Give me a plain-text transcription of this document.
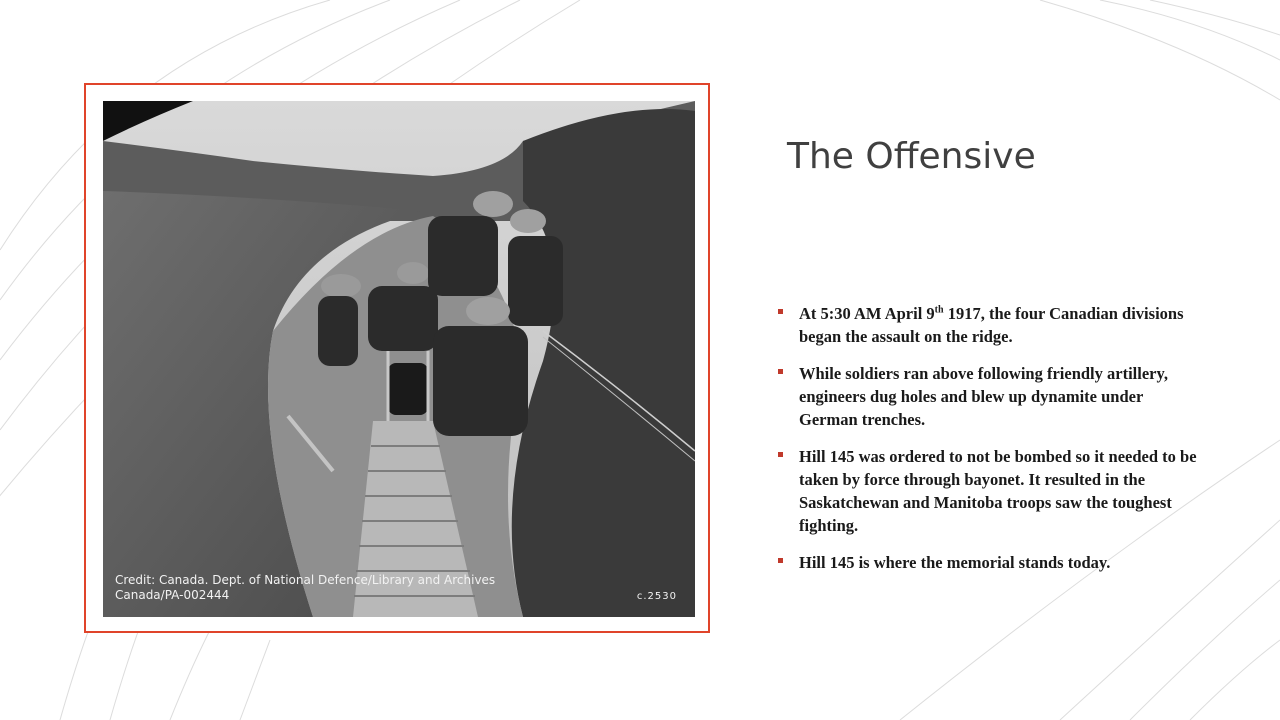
Credit: Canada. Dept. of National Defence/Library and Archives Canada/PA-002444	c.2530
The Offensive
At 5:30 AM April 9th 1917, the four Canadian divisions began the assault on the ridge.
While soldiers ran above following friendly artillery, engineers dug holes and blew up dynamite under German trenches.
Hill 145 was ordered to not be bombed so it needed to be taken by force through bayonet. It resulted in the Saskatchewan and Manitoba troops saw the toughest fighting.
Hill 145 is where the memorial stands today.
